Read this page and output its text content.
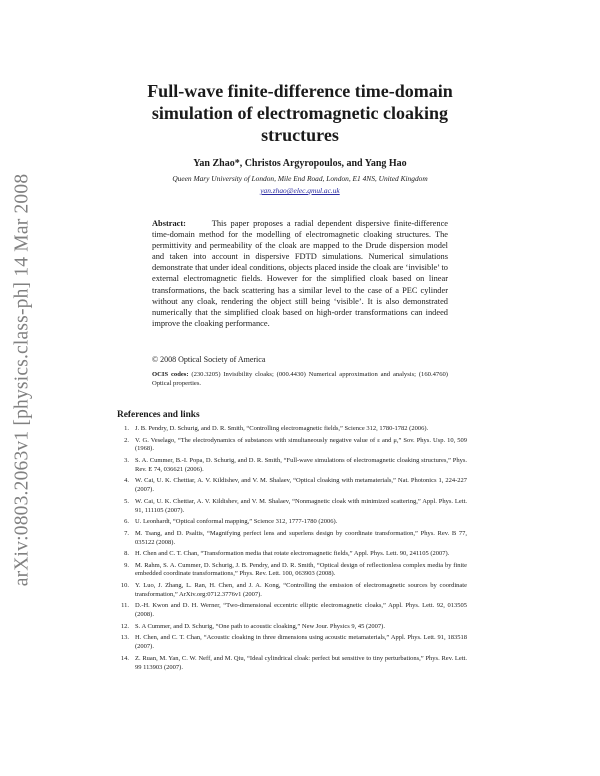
arXiv:0803.2063v1 [physics.class-ph] 14 Mar 2008
Full-wave finite-difference time-domain simulation of electromagnetic cloaking structures

Yan Zhao*, Christos Argyropoulos, and Yang Hao

Queen Mary University of London, Mile End Road, London, E1 4NS, United Kingdom

yan.zhao@elec.qmul.ac.uk

Abstract:	This paper proposes a radial dependent dispersive finite-difference time-domain method for the modelling of electromagnetic cloaking structures. The permittivity and permeability of the cloak are mapped to the Drude dispersion model and taken into account in dispersive FDTD simulations. Numerical simulations demonstrate that under ideal conditions, objects placed inside the cloak are ‘invisible’ to external electromagnetic fields. However for the simplified cloak based on linear transformations, the back scattering has a similar level to the case of a PEC cylinder without any cloak, rendering the object still being ‘visible’. It is also demonstrated numerically that the simplified cloak based on high-order transformations can indeed improve the cloaking performance.

© 2008 Optical Society of America

OCIS codes: (230.3205) Invisibility cloaks; (000.4430) Numerical approximation and analysis; (160.4760) Optical properties.

References and links
1. J. B. Pendry, D. Schurig, and D. R. Smith, “Controlling electromagnetic fields,” Science 312, 1780-1782 (2006).
2. V. G. Veselago, “The electrodynamics of substances with simultaneously negative value of ε and μ,” Sov. Phys. Usp. 10, 509 (1968).
3. S. A. Cummer, B.-I. Popa, D. Schurig, and D. R. Smith, “Full-wave simulations of electromagnetic cloaking structures,” Phys. Rev. E 74, 036621 (2006).
4. W. Cai, U. K. Chettiar, A. V. Kildishev, and V. M. Shalaev, “Optical cloaking with metamaterials,” Nat. Photonics 1, 224-227 (2007).
5. W. Cai, U. K. Chettiar, A. V. Kildishev, and V. M. Shalaev, “Nonmagnetic cloak with minimized scattering,” Appl. Phys. Lett. 91, 111105 (2007).
6. U. Leonhardt, “Optical conformal mapping,” Science 312, 1777-1780 (2006).
7. M. Tsang, and D. Psaltis, “Magnifying perfect lens and superlens design by coordinate transformation,” Phys. Rev. B 77, 035122 (2008).
8. H. Chen and C. T. Chan, “Transformation media that rotate electromagnetic fields,” Appl. Phys. Lett. 90, 241105 (2007).
9. M. Rahm, S. A. Cummer, D. Schurig, J. B. Pendry, and D. R. Smith, “Optical design of reflectionless complex media by finite embedded coordinate transformations,” Phys. Rev. Lett. 100, 063903 (2008).
10. Y. Luo, J. Zhang, L. Ran, H. Chen, and J. A. Kong, “Controlling the emission of electromagnetic sources by coordinate transformation,” ArXiv.org:0712.3776v1 (2007).
11. D.-H. Kwon and D. H. Werner, “Two-dimensional eccentric elliptic electromagnetic cloaks,” Appl. Phys. Lett. 92, 013505 (2008).
12. S. A Cummer, and D. Schurig, “One path to acoustic cloaking,” New Jour. Physics 9, 45 (2007).
13. H. Chen, and C. T. Chan, “Acoustic cloaking in three dimensions using acoustic metamaterials,” Appl. Phys. Lett. 91, 183518 (2007).
14. Z. Ruan, M. Yan, C. W. Neff, and M. Qiu, “Ideal cylindrical cloak: perfect but sensitive to tiny perturbations,” Phys. Rev. Lett. 99 113903 (2007).
